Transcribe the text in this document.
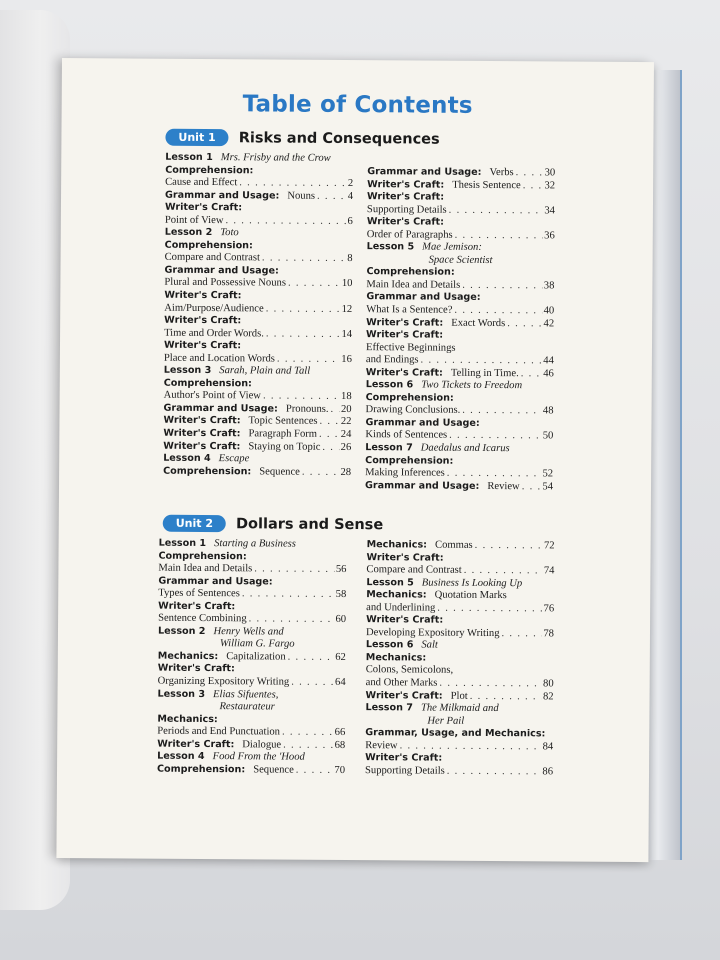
Table of Contents
Unit 1	Risks and Consequences
Lesson 1 Mrs. Frisby and the Crow
Comprehension:
Cause and Effect . . .	2
Grammar and Usage: Nouns . . .	4
Writer's Craft:
Point of View . . .	6
Lesson 2 Toto
Comprehension:
Compare and Contrast . . .	8
Grammar and Usage:
Plural and Possessive Nouns . . .	10
Writer's Craft:
Aim/Purpose/Audience . . .	12
Writer's Craft:
Time and Order Words. . . .	14
Writer's Craft:
Place and Location Words . . .	16
Lesson 3 Sarah, Plain and Tall
Comprehension:
Author's Point of View . . .	18
Grammar and Usage: Pronouns. . . . 20
Writer's Craft: Topic Sentences . . . 22
Writer's Craft: Paragraph Form . . . 24
Writer's Craft: Staying on Topic . . . 26
Lesson 4 Escape
Comprehension: Sequence . . .	28
Grammar and Usage: Verbs . . .	30
Writer's Craft: Thesis Sentence . . . 32
Writer's Craft:
Supporting Details . . .	34
Writer's Craft:
Order of Paragraphs . . .	36
Lesson 5 Mae Jemison:
Space Scientist
Comprehension:
Main Idea and Details . . .	38
Grammar and Usage:
What Is a Sentence? . . .	40
Writer's Craft: Exact Words . . .	42
Writer's Craft:
Effective Beginnings
and Endings . . .	44
Writer's Craft: Telling in Time. . . . 46
Lesson 6 Two Tickets to Freedom
Comprehension:
Drawing Conclusions. . . .	48
Grammar and Usage:
Kinds of Sentences . . .	50
Lesson 7 Daedalus and Icarus
Comprehension:
Making Inferences . . .	52
Grammar and Usage: Review . . . 54
Unit 2	Dollars and Sense
Lesson 1 Starting a Business
Comprehension:
Main Idea and Details . . .	56
Grammar and Usage:
Types of Sentences . . .	58
Writer's Craft:
Sentence Combining . . .	60
Lesson 2 Henry Wells and
William G. Fargo
Mechanics: Capitalization . . .	62
Writer's Craft:
Organizing Expository Writing . . .	64
Lesson 3 Elias Sifuentes,
Restaurateur
Mechanics:
Periods and End Punctuation . . .	66
Writer's Craft: Dialogue . . .	68
Lesson 4 Food From the 'Hood
Comprehension: Sequence . . .	70
Mechanics: Commas . . .	72
Writer's Craft:
Compare and Contrast . . .	74
Lesson 5 Business Is Looking Up
Mechanics: Quotation Marks
and Underlining . . .	76
Writer's Craft:
Developing Expository Writing . . .	78
Lesson 6 Salt
Mechanics:
Colons, Semicolons,
and Other Marks . . .	80
Writer's Craft: Plot . . .	82
Lesson 7 The Milkmaid and
Her Pail
Grammar, Usage, and Mechanics:
Review . . .	84
Writer's Craft:
Supporting Details . . .	86
